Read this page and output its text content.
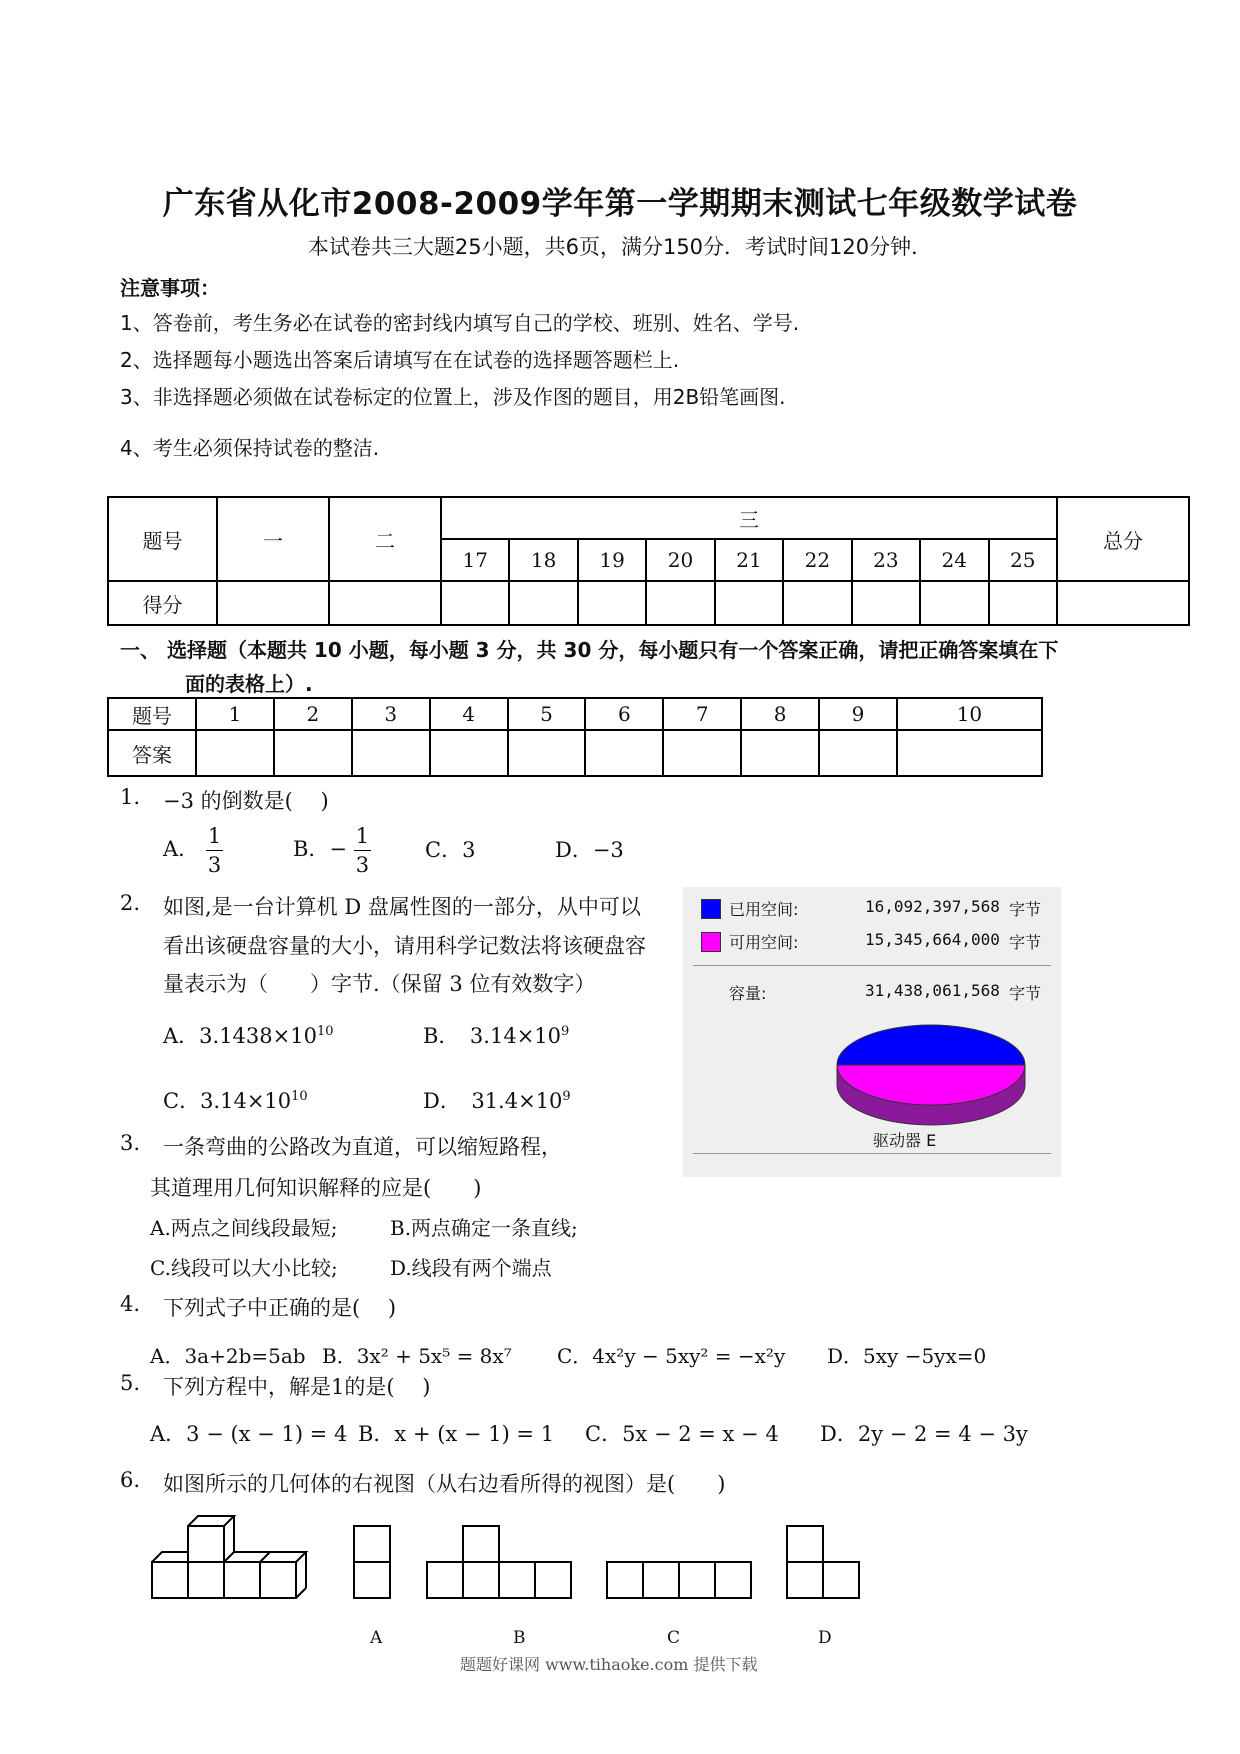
广东省从化市2008-2009学年第一学期期末测试七年级数学试卷
本试卷共三大题25小题，共6页，满分150分．考试时间120分钟．
注意事项：
1、答卷前，考生务必在试卷的密封线内填写自己的学校、班别、姓名、学号.
2、选择题每小题选出答案后请填写在在试卷的选择题答题栏上.
3、非选择题必须做在试卷标定的位置上，涉及作图的题目，用2B铅笔画图.
4、考生必须保持试卷的整洁.
题号	一	二	三									总分
			17	18	19	20	21	22	23	24	25	
得分												
一、 选择题（本题共 10 小题，每小题 3 分，共 30 分，每小题只有一个答案正确，请把正确答案填在下
面的表格上）.
题号	1	2	3	4	5	6	7	8	9	10
答案										
1. −3 的倒数是(　 )
A． $\frac{1}{3}$	B．− $\frac{1}{3}$	C．3	D．−3
2. 如图,是一台计算机 D 盘属性图的一部分，从中可以
看出该硬盘容量的大小，请用科学记数法将该硬盘容
量表示为（　　）字节.（保留 3 位有效数字）
A．$3.1438\times 10^{10}$	B．　$3.14\times 10^9$
C．$3.14\times 10^{10}$	D．　$31.4\times 10^9$
已用空间:	16,092,397,568 字节
可用空间:	15,345,664,000 字节
容量:	31,438,061,568 字节
驱动器 E
3. 一条弯曲的公路改为直道，可以缩短路程，
其道理用几何知识解释的应是(　　)
A.两点之间线段最短;	B.两点确定一条直线;
C.线段可以大小比较;	D.线段有两个端点
4. 下列式子中正确的是(　 )
A．3a+2b=5ab B．3x² + 5x⁵ = 8x⁷ C．4x²y − 5xy² = −x²y D．5xy −5yx=0
5. 下列方程中，解是1的是(　 )
A．3 − (x − 1) = 4 B．x + (x − 1) = 1 C．5x − 2 = x − 4 D．2y − 2 = 4 − 3y
6. 如图所示的几何体的右视图（从右边看所得的视图）是(　　)
A	B	C	D
题题好课网 www.tihaoke.com 提供下载
